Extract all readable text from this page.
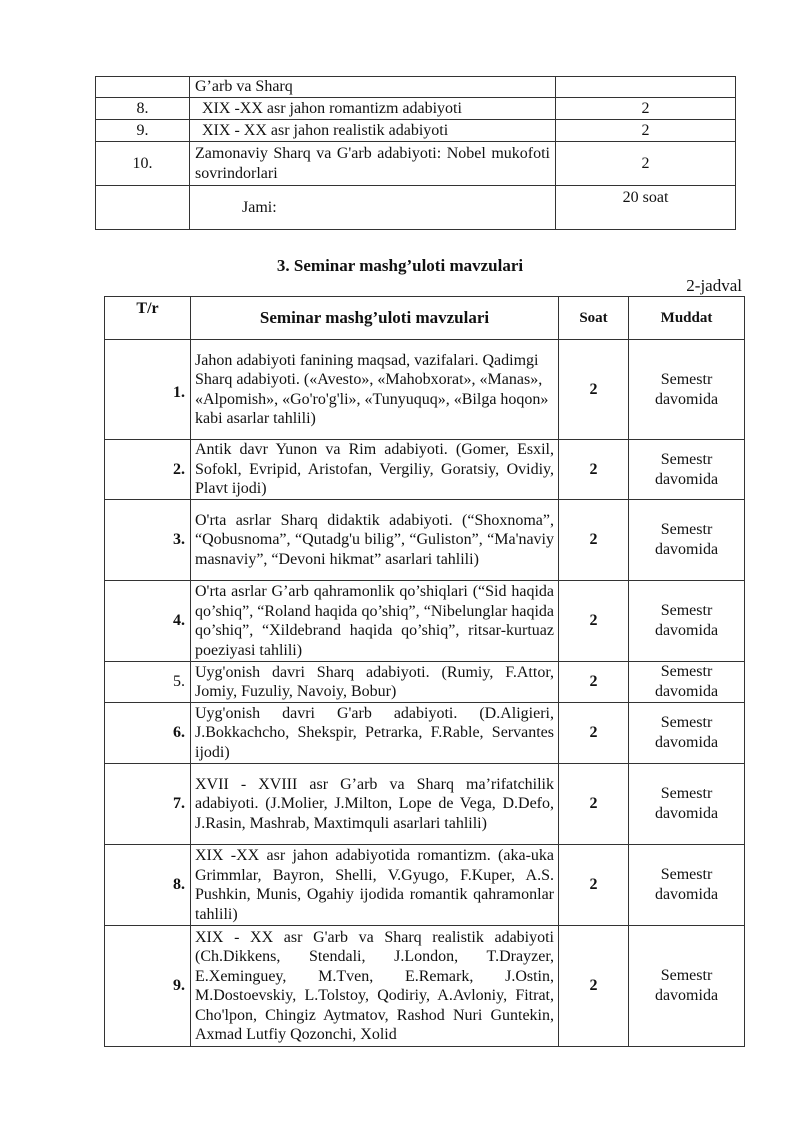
	G’arb va Sharq	
8.	XIX -XX asr jahon romantizm adabiyoti	2
9.	XIX - XX asr jahon realistik adabiyoti	2
10.	Zamonaviy Sharq va G'arb adabiyoti: Nobel mukofoti sovrindorlari	2
	Jami:	20 soat
3. Seminar mashg’uloti mavzulari
2-jadval
T/r	Seminar mashg’uloti mavzulari	Soat	Muddat
1.	Jahon adabiyoti fanining maqsad, vazifalari. Qadimgi Sharq adabiyoti. («Avesto», «Mahobxorat», «Manas», «Alpomish», «Go'ro'g'li», «Tunyuquq», «Bilga hoqon» kabi asarlar tahlili)	2	Semestr davomida
2.	Antik davr Yunon va Rim adabiyoti. (Gomer, Esxil, Sofokl, Evripid, Aristofan, Vergiliy, Goratsiy, Ovidiy, Plavt ijodi)	2	Semestr davomida
3.	O'rta asrlar Sharq didaktik adabiyoti. (“Shoxnoma”, “Qobusnoma”, “Qutadg'u bilig”, “Guliston”, “Ma'naviy masnaviy”, “Devoni hikmat” asarlari tahlili)	2	Semestr davomida
4.	O'rta asrlar G’arb qahramonlik qo’shiqlari (“Sid haqida qo’shiq”, “Roland haqida qo’shiq”, “Nibelunglar haqida qo’shiq”, “Xildebrand haqida qo’shiq”, ritsar-kurtuaz poeziyasi tahlili)	2	Semestr davomida
5.	Uyg'onish davri Sharq adabiyoti. (Rumiy, F.Attor, Jomiy, Fuzuliy, Navoiy, Bobur)	2	Semestr davomida
6.	Uyg'onish davri G'arb adabiyoti. (D.Aligieri, J.Bokkachcho, Shekspir, Petrarka, F.Rable, Servantes ijodi)	2	Semestr davomida
7.	XVII - XVIII asr G’arb va Sharq ma’rifatchilik adabiyoti. (J.Molier, J.Milton, Lope de Vega, D.Defo, J.Rasin, Mashrab, Maxtimquli asarlari tahlili)	2	Semestr davomida
8.	XIX -XX asr jahon adabiyotida romantizm. (aka-uka Grimmlar, Bayron, Shelli, V.Gyugo, F.Kuper, A.S. Pushkin, Munis, Ogahiy ijodida romantik qahramonlar tahlili)	2	Semestr davomida
9.	XIX - XX asr G'arb va Sharq realistik adabiyoti (Ch.Dikkens, Stendali, J.London, T.Drayzer, E.Xeminguey, M.Tven, E.Remark, J.Ostin, M.Dostoevskiy, L.Tolstoy, Qodiriy, A.Avloniy, Fitrat, Cho'lpon, Chingiz Aytmatov, Rashod Nuri Guntekin, Axmad Lutfiy Qozonchi, Xolid	2	Semestr davomida
